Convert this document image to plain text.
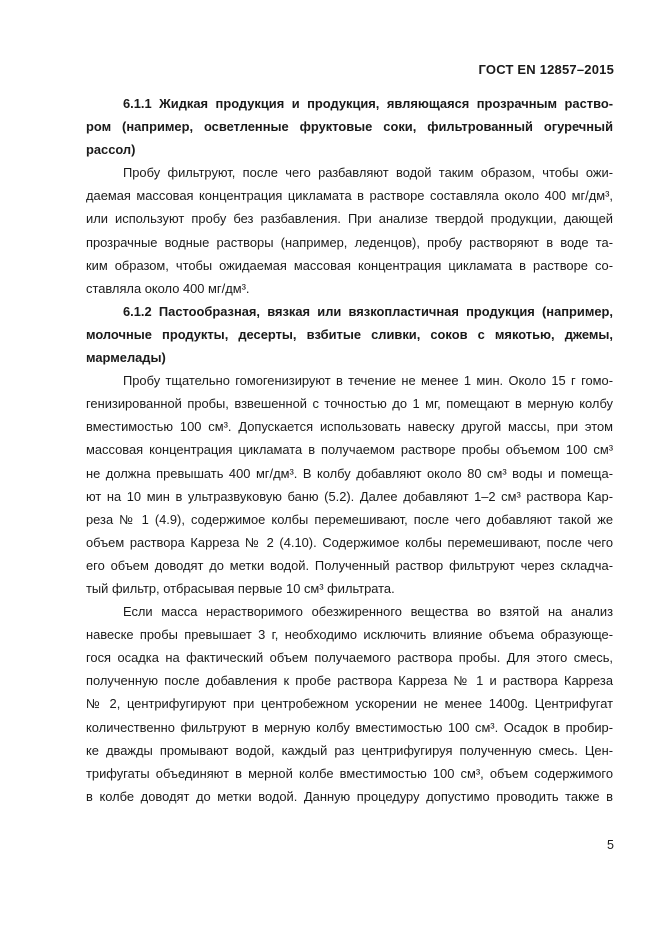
ГОСТ EN 12857–2015
6.1.1 Жидкая продукция и продукция, являющаяся прозрачным раство-
ром (например, осветленные фруктовые соки, фильтрованный огуречный
рассол)
Пробу фильтруют, после чего разбавляют водой таким образом, чтобы ожи-
даемая массовая концентрация цикламата в растворе составляла около 400 мг/дм³,
или используют пробу без разбавления. При анализе твердой продукции, дающей
прозрачные водные растворы (например, леденцов), пробу растворяют в воде та-
ким образом, чтобы ожидаемая массовая концентрация цикламата в растворе со-
ставляла около 400 мг/дм³.
6.1.2 Пастообразная, вязкая или вязкопластичная продукция (например,
молочные продукты, десерты, взбитые сливки, соков с мякотью, джемы,
мармелады)
Пробу тщательно гомогенизируют в течение не менее 1 мин. Около 15 г гомо-
генизированной пробы, взвешенной с точностью до 1 мг, помещают в мерную колбу
вместимостью 100 см³. Допускается использовать навеску другой массы, при этом
массовая концентрация цикламата в получаемом растворе пробы объемом 100 см³
не должна превышать 400 мг/дм³. В колбу добавляют около 80 см³ воды и помеща-
ют на 10 мин в ультразвуковую баню (5.2). Далее добавляют 1–2 см³ раствора Кар-
реза № 1 (4.9), содержимое колбы перемешивают, после чего добавляют такой же
объем раствора Карреза № 2 (4.10). Содержимое колбы перемешивают, после чего
его объем доводят до метки водой. Полученный раствор фильтруют через складча-
тый фильтр, отбрасывая первые 10 см³ фильтрата.
Если масса нерастворимого обезжиренного вещества во взятой на анализ
навеске пробы превышает 3 г, необходимо исключить влияние объема образующе-
гося осадка на фактический объем получаемого раствора пробы. Для этого смесь,
полученную после добавления к пробе раствора Карреза № 1 и раствора Карреза
№ 2, центрифугируют при центробежном ускорении не менее 1400g. Центрифугат
количественно фильтруют в мерную колбу вместимостью 100 см³. Осадок в пробир-
ке дважды промывают водой, каждый раз центрифугируя полученную смесь. Цен-
трифугаты объединяют в мерной колбе вместимостью 100 см³, объем содержимого
в колбе доводят до метки водой. Данную процедуру допустимо проводить также в
5
